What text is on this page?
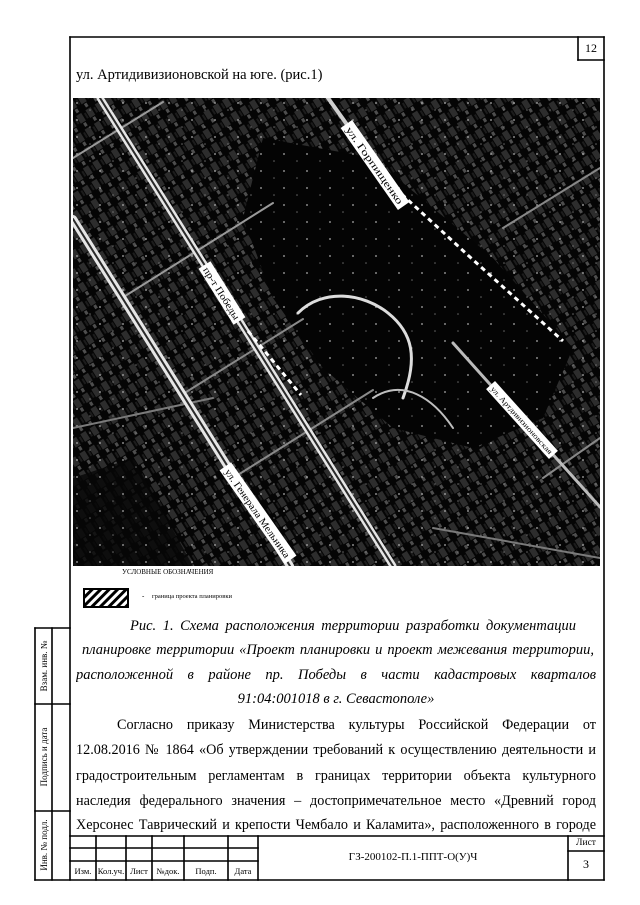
12
ул. Артидивизионовской на юге. (рис.1)
ул. Горпищенко
пр-т Победы
ул. Генерала Мельника
ул. Артдивизионовская
УСЛОВНЫЕ ОБОЗНАЧЕНИЯ
- граница проекта планировки
Рис. 1. Схема расположения территории разработки документации
планировке территории «Проект планировки и проект межевания территории,
расположенной в районе пр. Победы в части кадастровых кварталов
91:04:001018 в г. Севастополе»
Согласно приказу Министерства культуры Российской Федерации от
12.08.2016 № 1864 «Об утверждении требований к осуществлению деятельности и
градостроительным регламентам в границах территории объекта культурного
наследия федерального значения – достопримечательное место «Древний город
Херсонес Таврический и крепости Чембало и Каламита», расположенного в городе
Взам. инв. №
Подпись и дата
Инв. № подл.
Изм. Кол.уч. Лист	№док.	Подп.	Дата
ГЗ-200102-П.1-ППТ-О(У)Ч
Лист
3
